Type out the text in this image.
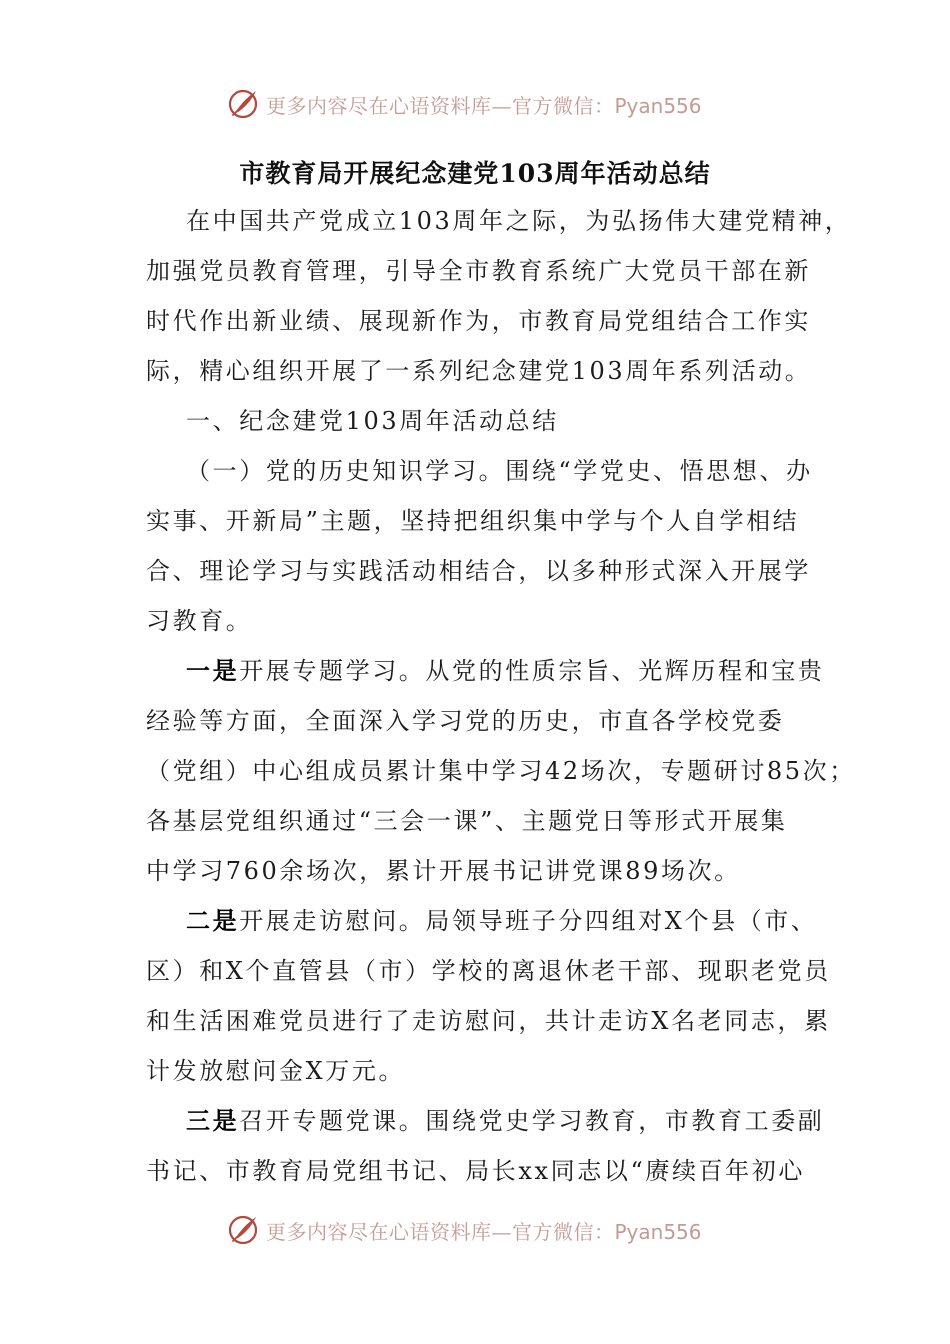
更多内容尽在心语资料库—官方微信：Pyan556
市教育局开展纪念建党103周年活动总结
在中国共产党成立103周年之际，为弘扬伟大建党精神，
加强党员教育管理，引导全市教育系统广大党员干部在新
时代作出新业绩、展现新作为，市教育局党组结合工作实
际，精心组织开展了一系列纪念建党103周年系列活动。
一、纪念建党103周年活动总结
（一）党的历史知识学习。围绕“学党史、悟思想、办
实事、开新局”主题，坚持把组织集中学与个人自学相结
合、理论学习与实践活动相结合，以多种形式深入开展学
习教育。
一是开展专题学习。从党的性质宗旨、光辉历程和宝贵
经验等方面，全面深入学习党的历史，市直各学校党委
（党组）中心组成员累计集中学习42场次，专题研讨85次；
各基层党组织通过“三会一课”、主题党日等形式开展集
中学习760余场次，累计开展书记讲党课89场次。
二是开展走访慰问。局领导班子分四组对X个县（市、
区）和X个直管县（市）学校的离退休老干部、现职老党员
和生活困难党员进行了走访慰问，共计走访X名老同志，累
计发放慰问金X万元。
三是召开专题党课。围绕党史学习教育，市教育工委副
书记、市教育局党组书记、局长xx同志以“赓续百年初心
更多内容尽在心语资料库—官方微信：Pyan556
